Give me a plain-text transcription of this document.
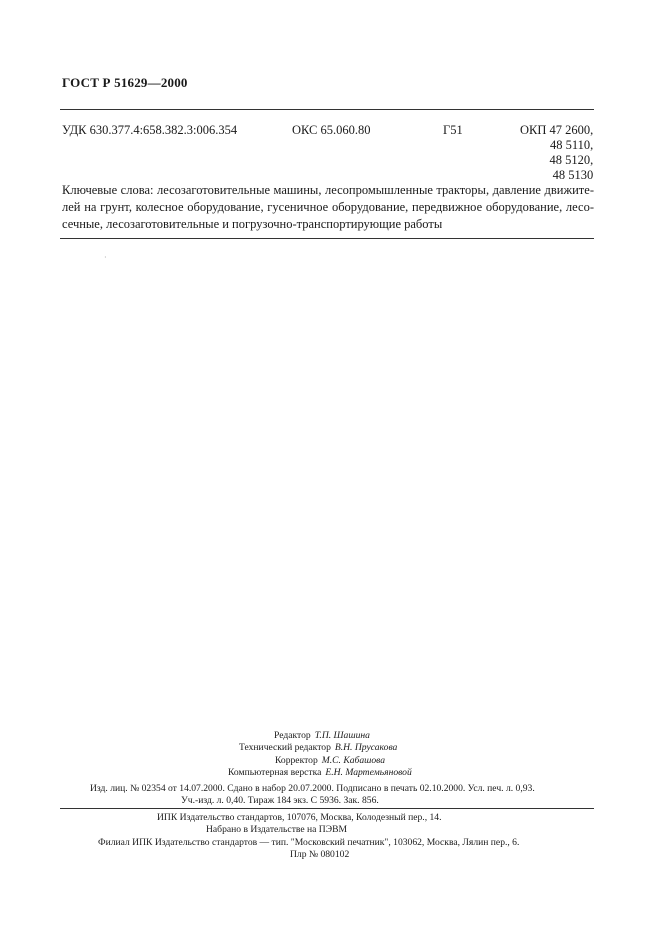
ГОСТ Р 51629—2000
УДК 630.377.4:658.382.3:006.354	ОКС 65.060.80	Г51	ОКП 47 2600,
48 5110,
48 5120,
48 5130
Ключевые слова: лесозаготовительные машины, лесопромышленные тракторы, давление движителей на грунт, колесное оборудование, гусеничное оборудование, передвижное оборудование, лесосечные, лесозаготовительные и погрузочно-транспортирующие работы
·
Редактор Т.П. Шашина
Технический редактор В.Н. Прусакова
Корректор М.С. Кабашова
Компьютерная верстка Е.Н. Мартемьяновой
Изд. лиц. № 02354 от 14.07.2000. Сдано в набор 20.07.2000. Подписано в печать 02.10.2000. Усл. печ. л. 0,93.
Уч.-изд. л. 0,40. Тираж 184 экз. С 5936. Зак. 856.
ИПК Издательство стандартов, 107076, Москва, Колодезный пер., 14.
Набрано в Издательстве на ПЭВМ
Филиал ИПК Издательство стандартов — тип. "Московский печатник", 103062, Москва, Лялин пер., 6.
Плр № 080102
